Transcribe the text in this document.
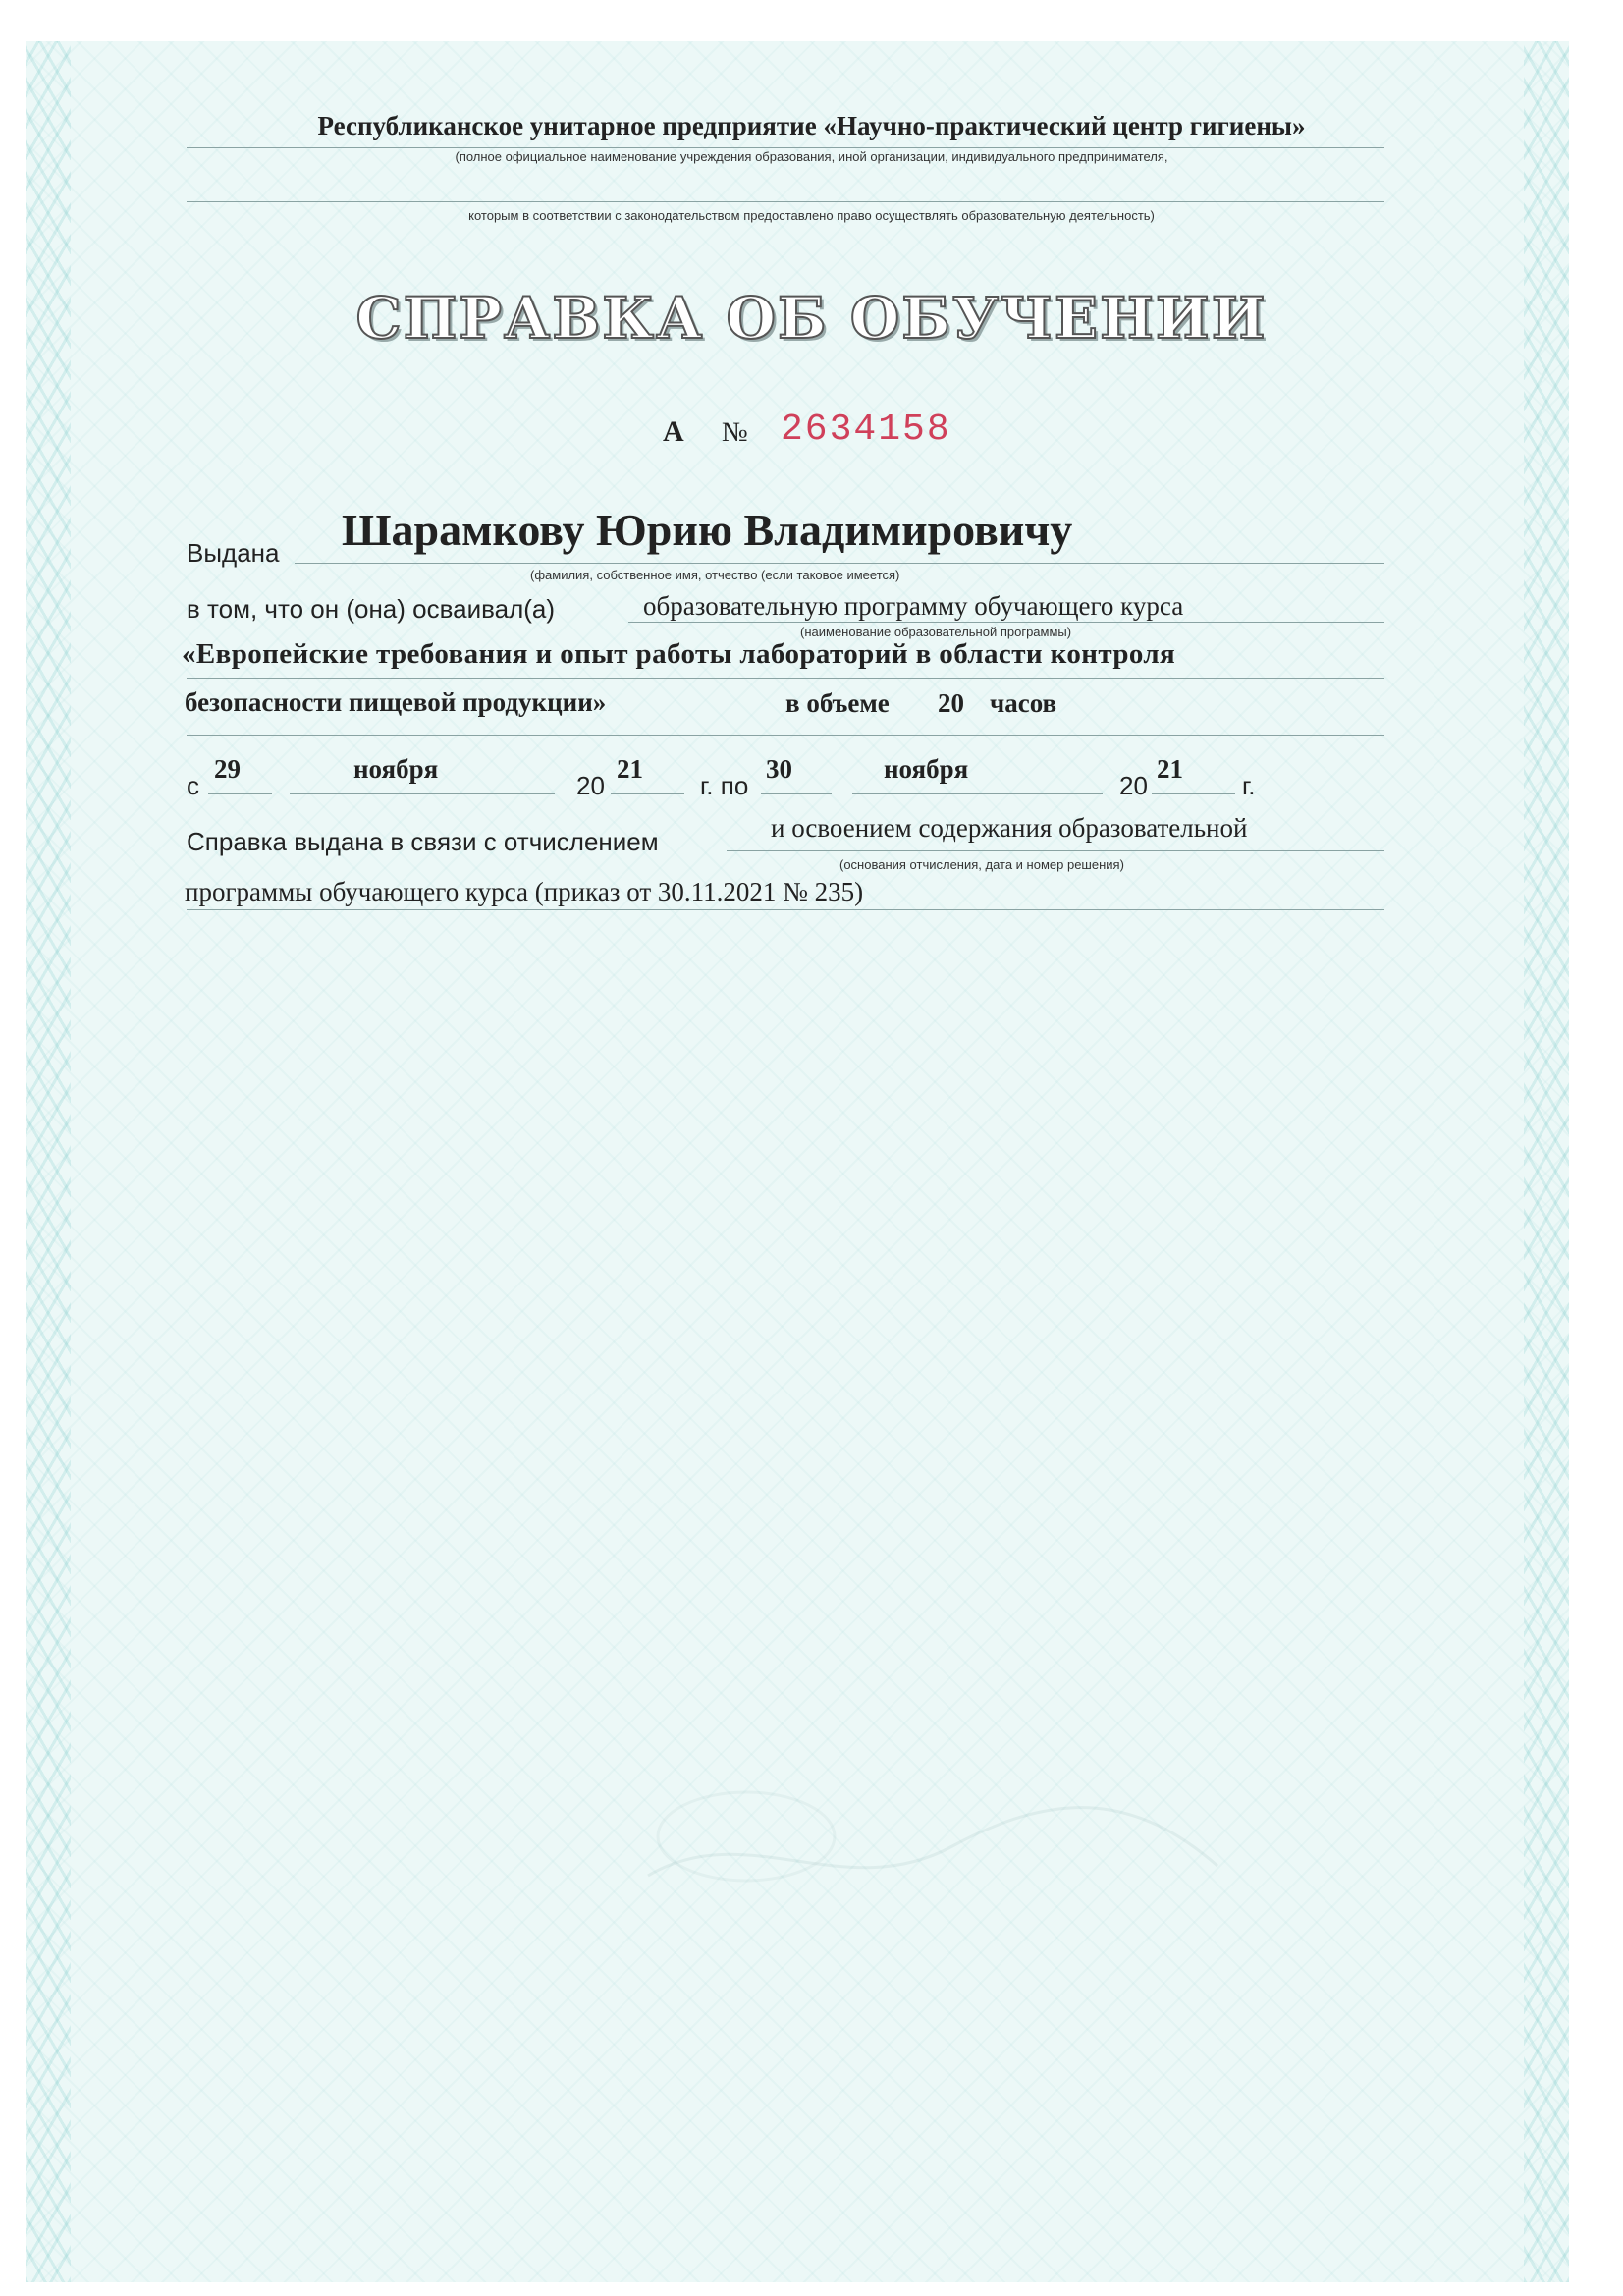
Республиканское унитарное предприятие «Научно-практический центр гигиены»
(полное официальное наименование учреждения образования, иной организации, индивидуального предпринимателя,
которым в соответствии с законодательством предоставлено право осуществлять образовательную деятельность)
СПРАВКА ОБ ОБУЧЕНИИ
А № 2634158
Выдана Шарамкову Юрию Владимировичу
(фамилия, собственное имя, отчество (если таковое имеется)
в том, что он (она) осваивал(а)	образовательную программу обучающего курса
(наименование образовательной программы)
«Европейские требования и опыт работы лабораторий в области контроля
безопасности пищевой продукции»	в объеме 20 часов
с
29	ноября
20
21
г. по
30	ноября
20
21
г.
Справка выдана в связи с отчислением	и освоением содержания образовательной
(основания отчисления, дата и номер решения)
программы обучающего курса (приказ от 30.11.2021 № 235)
